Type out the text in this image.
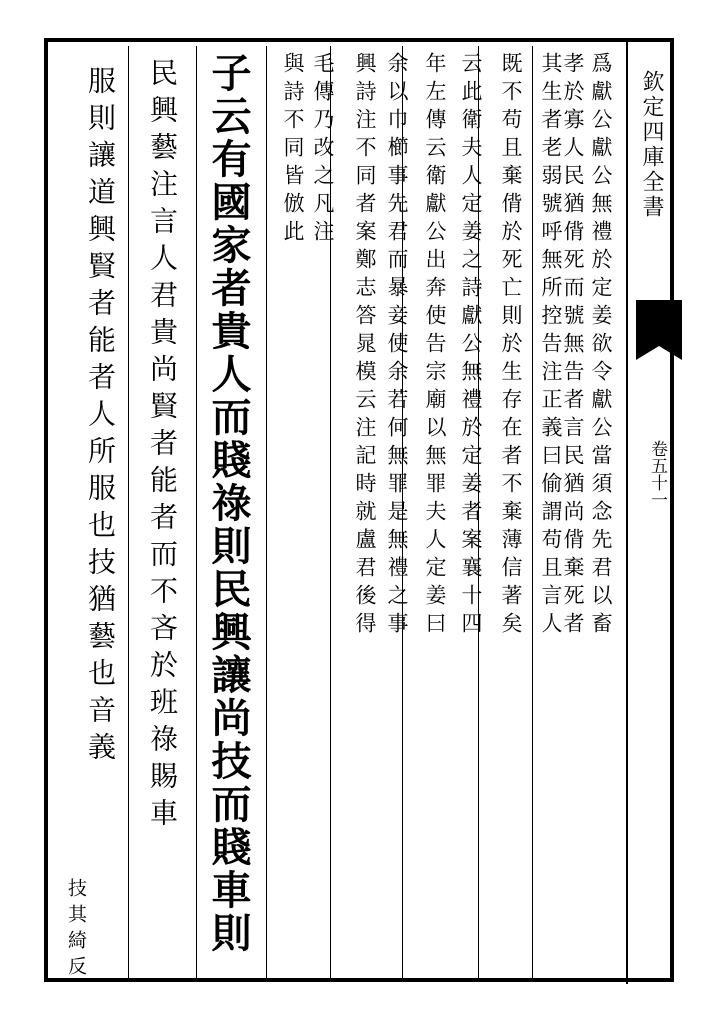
欽定四庫全書
卷五十一
爲獻公獻公無禮於定姜欲令獻公當須念先君以畜
孝於寡人民猶偝死而號無告者言民猶尚偝棄死者
其生者老弱號呼無所控告注正義曰偷謂苟且言人
既不苟且棄偝於死亡則於生存在者不棄薄信著矣
云此衛夫人定姜之詩獻公無禮於定姜者案襄十四
年左傳云衛獻公出奔使告宗廟以無罪夫人定姜曰
余以巾櫛事先君而暴妾使余若何無罪是無禮之事
興詩注不同者案鄭志答晁模云注記時就盧君後得
毛傳乃改之凡注
與詩不同皆倣此
子云有國家者貴人而賤祿則民興讓尚技而賤車則
民興藝注言人君貴尚賢者能者而不吝於班祿賜車
服則讓道興賢者能者人所服也技猶藝也音義
技其綺反
